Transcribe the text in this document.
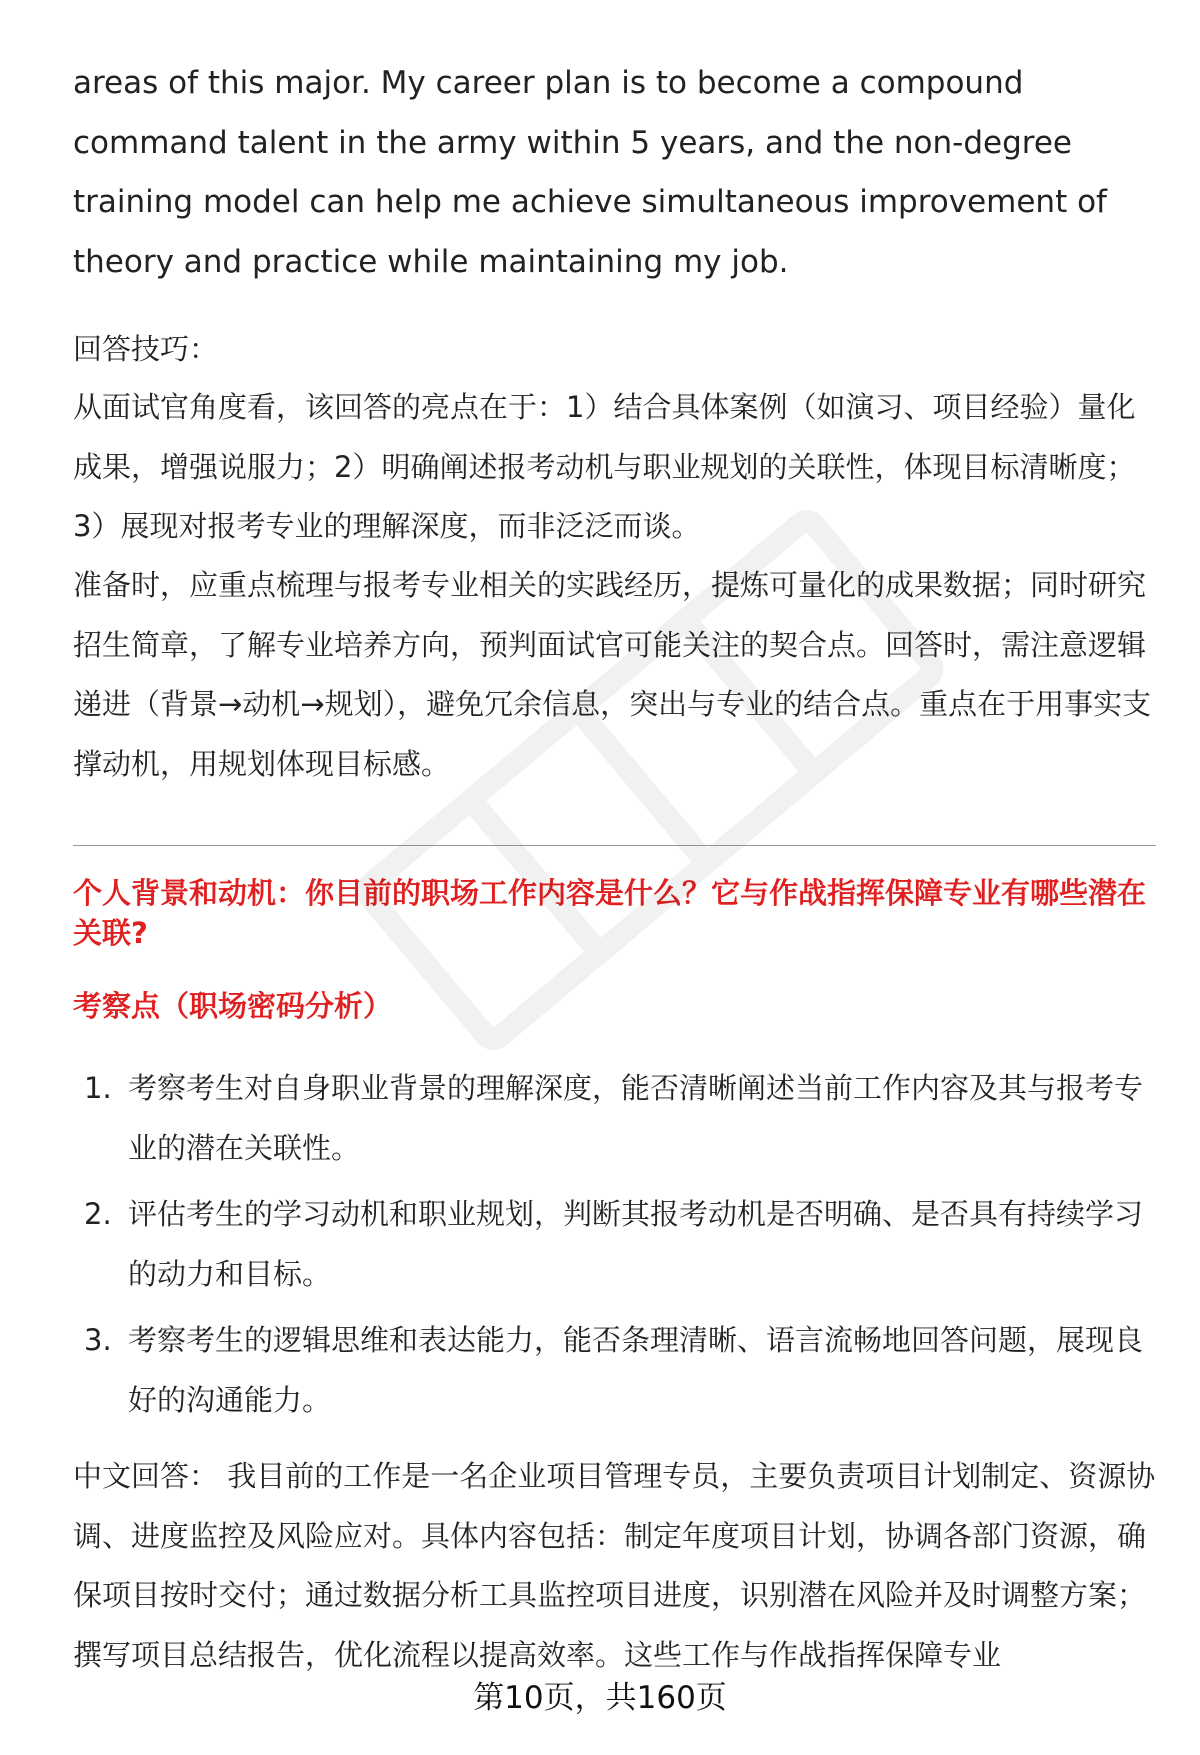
areas of this major. My career plan is to become a compound command talent in the army within 5 years, and the non-degree training model can help me achieve simultaneous improvement of theory and practice while maintaining my job.

回答技巧：

从面试官角度看，该回答的亮点在于：1）结合具体案例（如演习、项目经验）量化成果，增强说服力；2）明确阐述报考动机与职业规划的关联性，体现目标清晰度；3）展现对报考专业的理解深度，而非泛泛而谈。

准备时，应重点梳理与报考专业相关的实践经历，提炼可量化的成果数据；同时研究招生简章，了解专业培养方向，预判面试官可能关注的契合点。回答时，需注意逻辑递进（背景→动机→规划），避免冗余信息，突出与专业的结合点。重点在于用事实支撑动机，用规划体现目标感。

个人背景和动机：你目前的职场工作内容是什么？它与作战指挥保障专业有哪些潜在关联?

考察点（职场密码分析）

1. 考察考生对自身职业背景的理解深度，能否清晰阐述当前工作内容及其与报考专业的潜在关联性。
2. 评估考生的学习动机和职业规划，判断其报考动机是否明确、是否具有持续学习的动力和目标。
3. 考察考生的逻辑思维和表达能力，能否条理清晰、语言流畅地回答问题，展现良好的沟通能力。

中文回答： 我目前的工作是一名企业项目管理专员，主要负责项目计划制定、资源协调、进度监控及风险应对。具体内容包括：制定年度项目计划，协调各部门资源，确保项目按时交付；通过数据分析工具监控项目进度，识别潜在风险并及时调整方案；撰写项目总结报告，优化流程以提高效率。这些工作与作战指挥保障专业

第10页，共160页
